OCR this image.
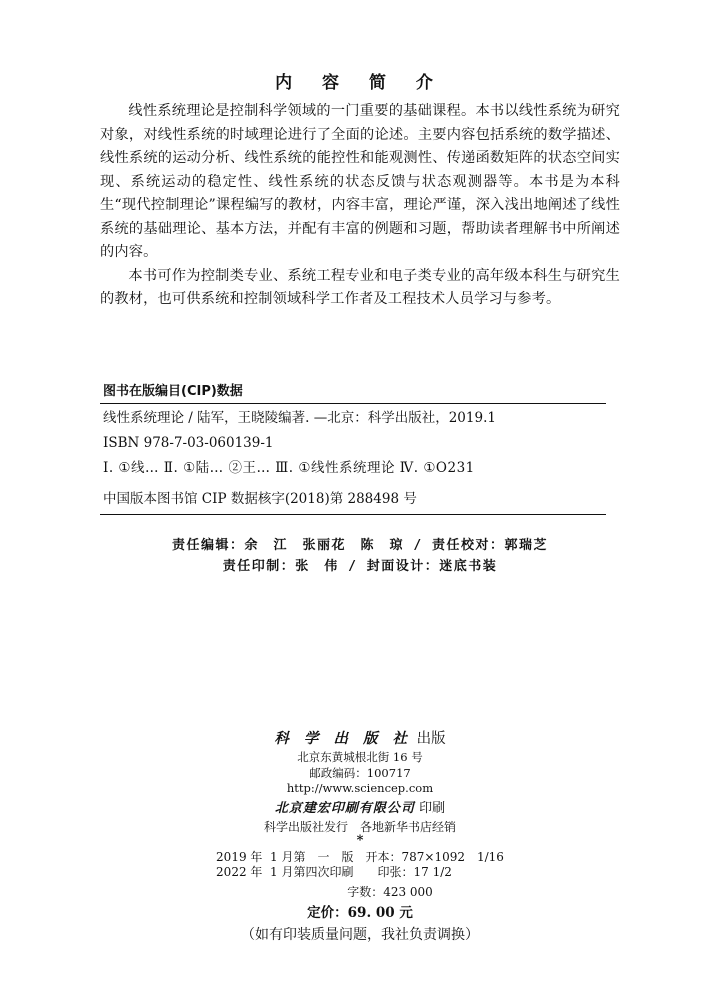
内 容 简 介

线性系统理论是控制科学领域的一门重要的基础课程。本书以线性系统为研究对象，对线性系统的时域理论进行了全面的论述。主要内容包括系统的数学描述、线性系统的运动分析、线性系统的能控性和能观测性、传递函数矩阵的状态空间实现、系统运动的稳定性、线性系统的状态反馈与状态观测器等。本书是为本科生“现代控制理论”课程编写的教材，内容丰富，理论严谨，深入浅出地阐述了线性系统的基础理论、基本方法，并配有丰富的例题和习题，帮助读者理解书中所阐述的内容。

本书可作为控制类专业、系统工程专业和电子类专业的高年级本科生与研究生的教材，也可供系统和控制领域科学工作者及工程技术人员学习与参考。

图书在版编目(CIP)数据
线性系统理论 / 陆军，王晓陵编著. —北京：科学出版社，2019.1
ISBN 978-7-03-060139-1
Ⅰ. ①线… Ⅱ. ①陆… ②王… Ⅲ. ①线性系统理论 Ⅳ. ①O231
中国版本图书馆 CIP 数据核字(2018)第 288498 号
责任编辑：余　江　张丽花　陈　琼 / 责任校对：郭瑞芝
责任印制：张　伟 / 封面设计：迷底书装
科 学 出 版 社 出版
北京东黄城根北街 16 号
邮政编码：100717
http://www.sciencep.com
北京建宏印刷有限公司 印刷
科学出版社发行　各地新华书店经销
*
2019 年  1 月第　一　版　开本：787×1092　1/16
2022 年  1 月第四次印刷　　印张：17 1/2
字数：423 000
定价：69. 00 元
（如有印装质量问题，我社负责调换）
